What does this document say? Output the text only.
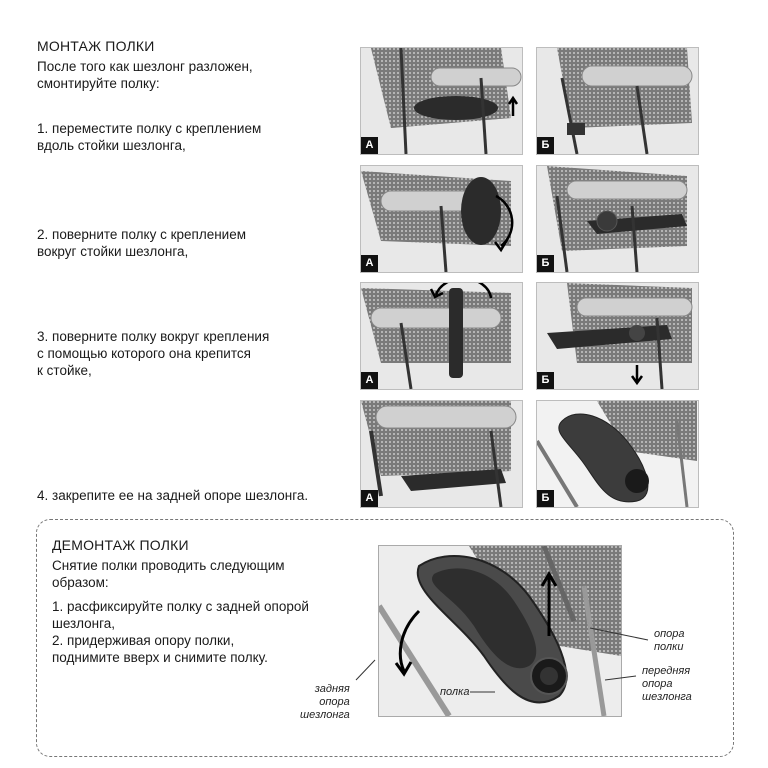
МОНТАЖ ПОЛКИ
После того как шезлонг разложен,
смонтируйте полку:
1. переместите полку с креплением
вдоль стойки шезлонга,
2. поверните полку с креплением
вокруг стойки шезлонга,
3. поверните полку вокруг крепления
с помощью которого она крепится
к стойке,
4. закрепите ее на задней опоре шезлонга.
А	Б
А	Б
А	Б
А	Б
ДЕМОНТАЖ ПОЛКИ
Снятие полки проводить следующим
образом:
1. расфиксируйте полку с задней опорой
шезлонга,
2. придерживая опору полки,
поднимите вверх и снимите полку.
опора
полки
передняя
опора
шезлонга
полка
задняя
опора
шезлонга
